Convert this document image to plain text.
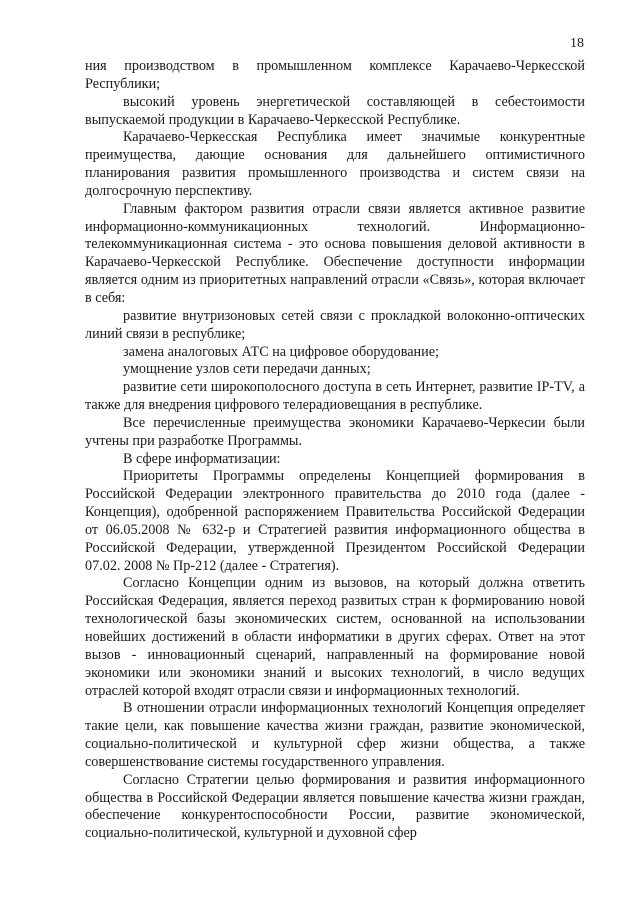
18

ния производством в промышленном комплексе Карачаево-Черкесской Республики;

высокий уровень энергетической составляющей в себестоимости выпускаемой продукции в Карачаево-Черкесской Республике.

Карачаево-Черкесская Республика имеет значимые конкурентные преимущества, дающие основания для дальнейшего оптимистичного планирования развития промышленного производства и систем связи на долгосрочную перспективу.

Главным фактором развития отрасли связи является активное развитие информационно-коммуникационных технологий. Информационно-телекоммуникационная система - это основа повышения деловой активности в Карачаево-Черкесской Республике. Обеспечение доступности информации является одним из приоритетных направлений отрасли «Связь», которая включает в себя:

развитие внутризоновых сетей связи с прокладкой волоконно-оптических линий связи в республике;

замена аналоговых АТС на цифровое оборудование;

умощнение узлов сети передачи данных;

развитие сети широкополосного доступа в сеть Интернет, развитие IP-TV, а также для внедрения цифрового телерадиовещания в республике.

Все перечисленные преимущества экономики Карачаево-Черкесии были учтены при разработке Программы.

В сфере информатизации:

Приоритеты Программы определены Концепцией формирования в Российской Федерации электронного правительства до 2010 года (далее - Концепция), одобренной распоряжением Правительства Российской Федерации от 06.05.2008 № 632-р и Стратегией развития информационного общества в Российской Федерации, утвержденной Президентом Российской Федерации 07.02. 2008 № Пр-212 (далее - Стратегия).

Согласно Концепции одним из вызовов, на который должна ответить Российская Федерация, является переход развитых стран к формированию новой технологической базы экономических систем, основанной на использовании новейших достижений в области информатики в других сферах. Ответ на этот вызов - инновационный сценарий, направленный на формирование новой экономики или экономики знаний и высоких технологий, в число ведущих отраслей которой входят отрасли связи и информационных технологий.

В отношении отрасли информационных технологий Концепция определяет такие цели, как повышение качества жизни граждан, развитие экономической, социально-политической и культурной сфер жизни общества, а также совершенствование системы государственного управления.

Согласно Стратегии целью формирования и развития информационного общества в Российской Федерации является повышение качества жизни граждан, обеспечение конкурентоспособности России, развитие экономической, социально-политической, культурной и духовной сфер
